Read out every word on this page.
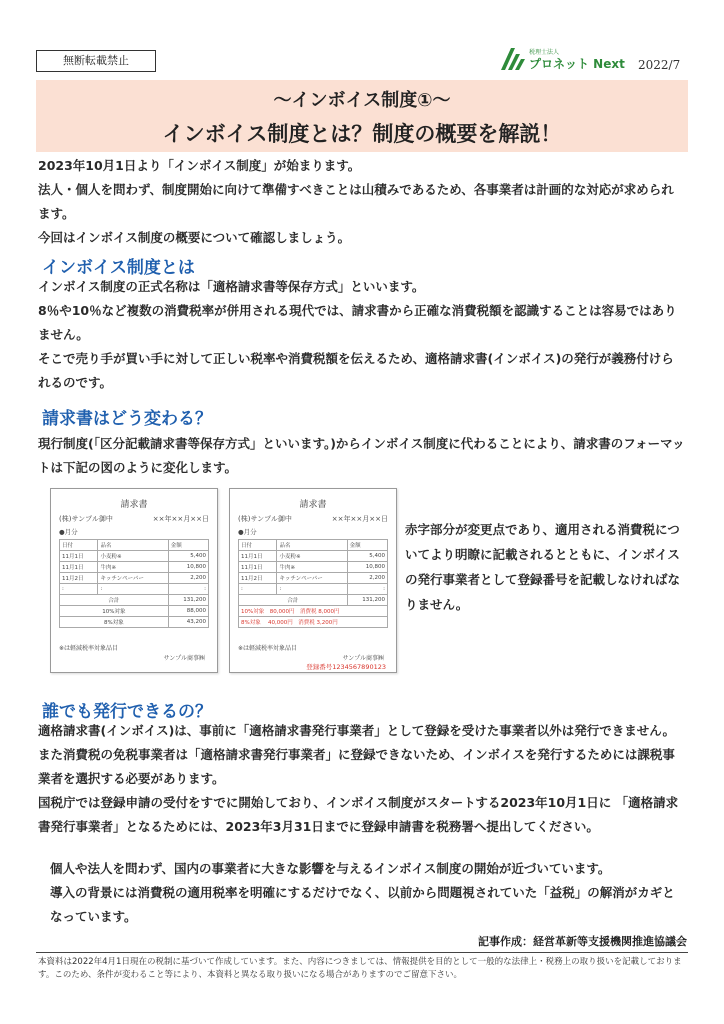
無断転載禁止
税理士法人
プロネット Next 2022/7
～インボイス制度①～
インボイス制度とは？制度の概要を解説！

2023年10月1日より「インボイス制度」が始まります。

法人・個人を問わず、制度開始に向けて準備すべきことは山積みであるため、各事業者は計画的な対応が求められます。

今回はインボイス制度の概要について確認しましょう。

インボイス制度とは

インボイス制度の正式名称は「適格請求書等保存方式」といいます。

8％や10％など複数の消費税率が併用される現代では、請求書から正確な消費税額を認識することは容易ではありません。

そこで売り手が買い手に対して正しい税率や消費税額を伝えるため、適格請求書(インボイス)の発行が義務付けられるのです。

請求書はどう変わる？

現行制度(「区分記載請求書等保存方式」といいます。)からインボイス制度に代わることにより、請求書のフォーマットは下記の図のように変化します。

請求書
(株)サンプル御中	××年××月××日
●月分
日付	品名	金額
11月1日	小麦粉※	5,400
11月1日	牛肉※	10,800
11月2日	キッチンペーパー	2,200
:	:	:
合計		131,200
10%対象		88,000
8%対象		43,200
※は軽減税率対象品目
サンプル商事㈱
請求書
(株)サンプル御中	××年××月××日
●月分
日付	品名	金額
11月1日	小麦粉※	5,400
11月1日	牛肉※	10,800
11月2日	キッチンペーパー	2,200
:	:	:
合計		131,200
10%対象　80,000円　消費税 8,000円		
8%対象　 40,000円　消費税 3,200円		
※は軽減税率対象品目
サンプル商事㈱
登録番号1234567890123

赤字部分が変更点であり、適用される消費税についてより明瞭に記載されるとともに、インボイスの発行事業者として登録番号を記載しなければなりません。

誰でも発行できるの？

適格請求書(インボイス)は、事前に「適格請求書発行事業者」として登録を受けた事業者以外は発行できません。また消費税の免税事業者は「適格請求書発行事業者」に登録できないため、インボイスを発行するためには課税事業者を選択する必要があります。

国税庁では登録申請の受付をすでに開始しており、インボイス制度がスタートする2023年10月1日に 「適格請求書発行事業者」となるためには、2023年3月31日までに登録申請書を税務署へ提出してください。

個人や法人を問わず、国内の事業者に大きな影響を与えるインボイス制度の開始が近づいています。

導入の背景には消費税の適用税率を明確にするだけでなく、以前から問題視されていた「益税」の解消がカギとなっています。

記事作成：経営革新等支援機関推進協議会

本資料は2022年4月1日現在の税制に基づいて作成しています。また、内容につきましては、情報提供を目的として一般的な法律上・税務上の取り扱いを記載しております。このため、条件が変わること等により、本資料と異なる取り扱いになる場合がありますのでご留意下さい。
